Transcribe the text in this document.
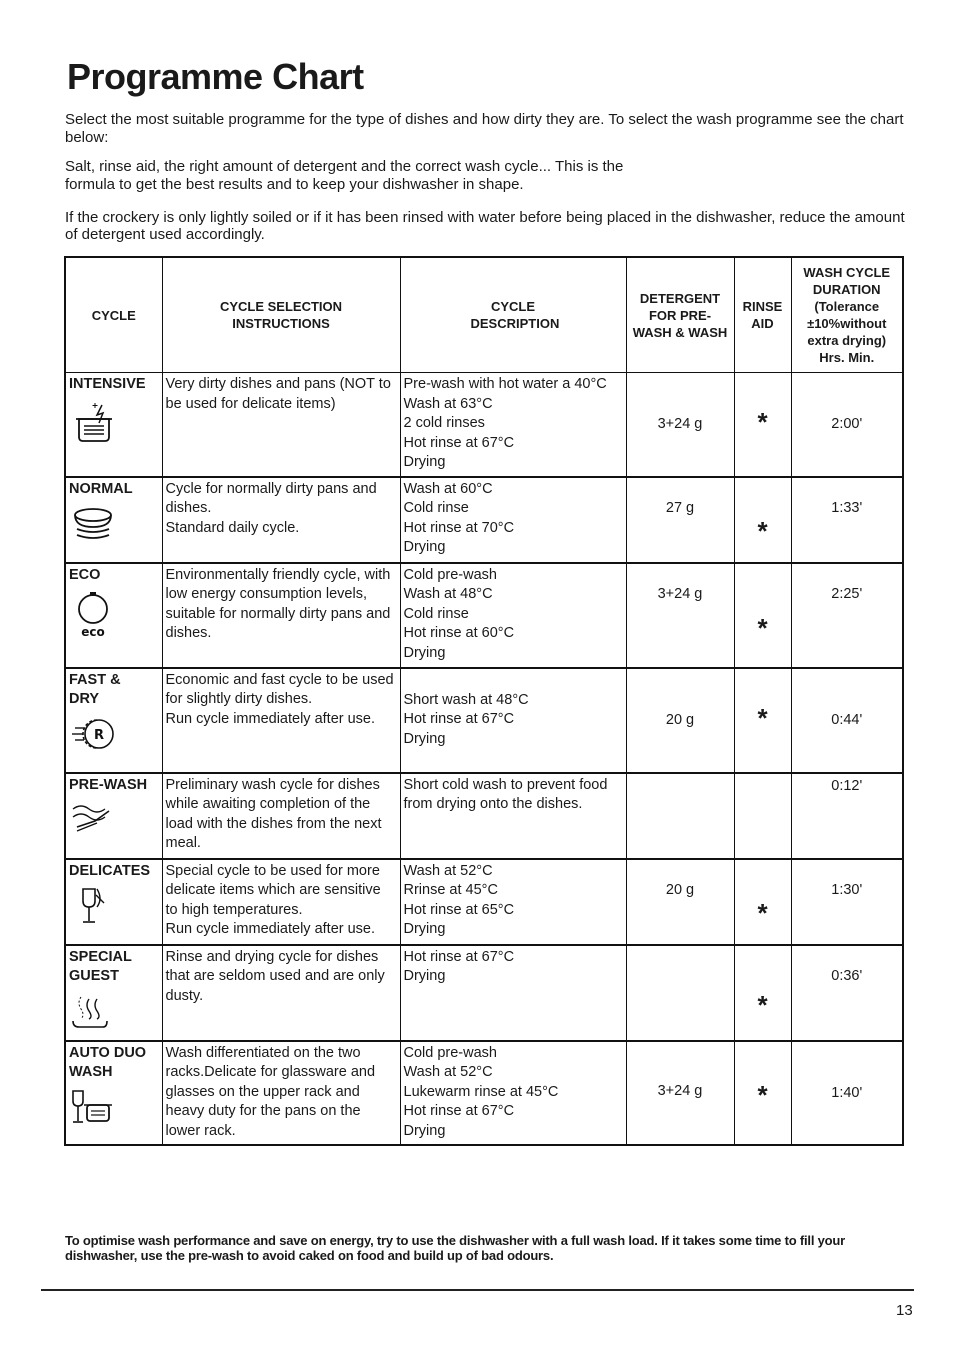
Programme Chart

Select the most suitable programme for the type of dishes and how dirty they are. To select the wash programme see the chart below:

Salt, rinse aid, the right amount of detergent and the correct wash cycle... This is the formula to get the best results and to keep your dishwasher in shape.

If the crockery is only lightly soiled or if it has been rinsed with water before being placed in the dishwasher, reduce the amount of detergent used accordingly.

CYCLE	CYCLE SELECTION INSTRUCTIONS	CYCLE DESCRIPTION	DETERGENT FOR PRE-WASH & WASH	RINSE AID	WASH CYCLE DURATION (Tolerance ±10%without extra drying) Hrs. Min.

INTENSIVE	Very dirty dishes and pans (NOT to be used for delicate items)	Pre-wash with hot water a 40°C
Wash at 63°C
2 cold rinses
Hot rinse at 67°C
Drying	3+24 g	*	2:00'

NORMAL	Cycle for normally dirty pans and dishes.
Standard daily cycle.	Wash at 60°C
Cold rinse
Hot rinse at 70°C
Drying	27 g	*	1:33'

ECO
eco	Environmentally friendly cycle, with low energy consumption levels, suitable for normally dirty pans and dishes.	Cold pre-wash
Wash at 48°C
Cold rinse
Hot rinse at 60°C
Drying	3+24 g	*	2:25'

FAST & DRY
R	Economic and fast cycle to be used for slightly dirty dishes.
Run cycle immediately after use.	Short wash at 48°C
Hot rinse at 67°C
Drying	20 g	*	0:44'

PRE-WASH	Preliminary wash cycle for dishes while awaiting completion of the load with the dishes from the next meal.	Short cold wash to prevent food from drying onto the dishes.			0:12'

DELICATES	Special cycle to be used for more delicate items which are sensitive to high temperatures.
Run cycle immediately after use.	Wash at 52°C
Rrinse at 45°C
Hot rinse at 65°C
Drying	20 g	*	1:30'

SPECIAL GUEST	Rinse and drying cycle for dishes that are seldom used and are only dusty.	Hot rinse at 67°C
Drying		*	0:36'

AUTO DUO WASH	Wash differentiated on the two racks.Delicate for glassware and glasses on the upper rack and heavy duty for the pans on the lower rack.	Cold pre-wash
Wash at 52°C
Lukewarm rinse at 45°C
Hot rinse at 67°C
Drying	3+24 g	*	1:40'

To optimise wash performance and save on energy, try to use the dishwasher with a full wash load. If it takes some time to fill your dishwasher, use the pre-wash to avoid caked on food and build up of bad odours.

13
